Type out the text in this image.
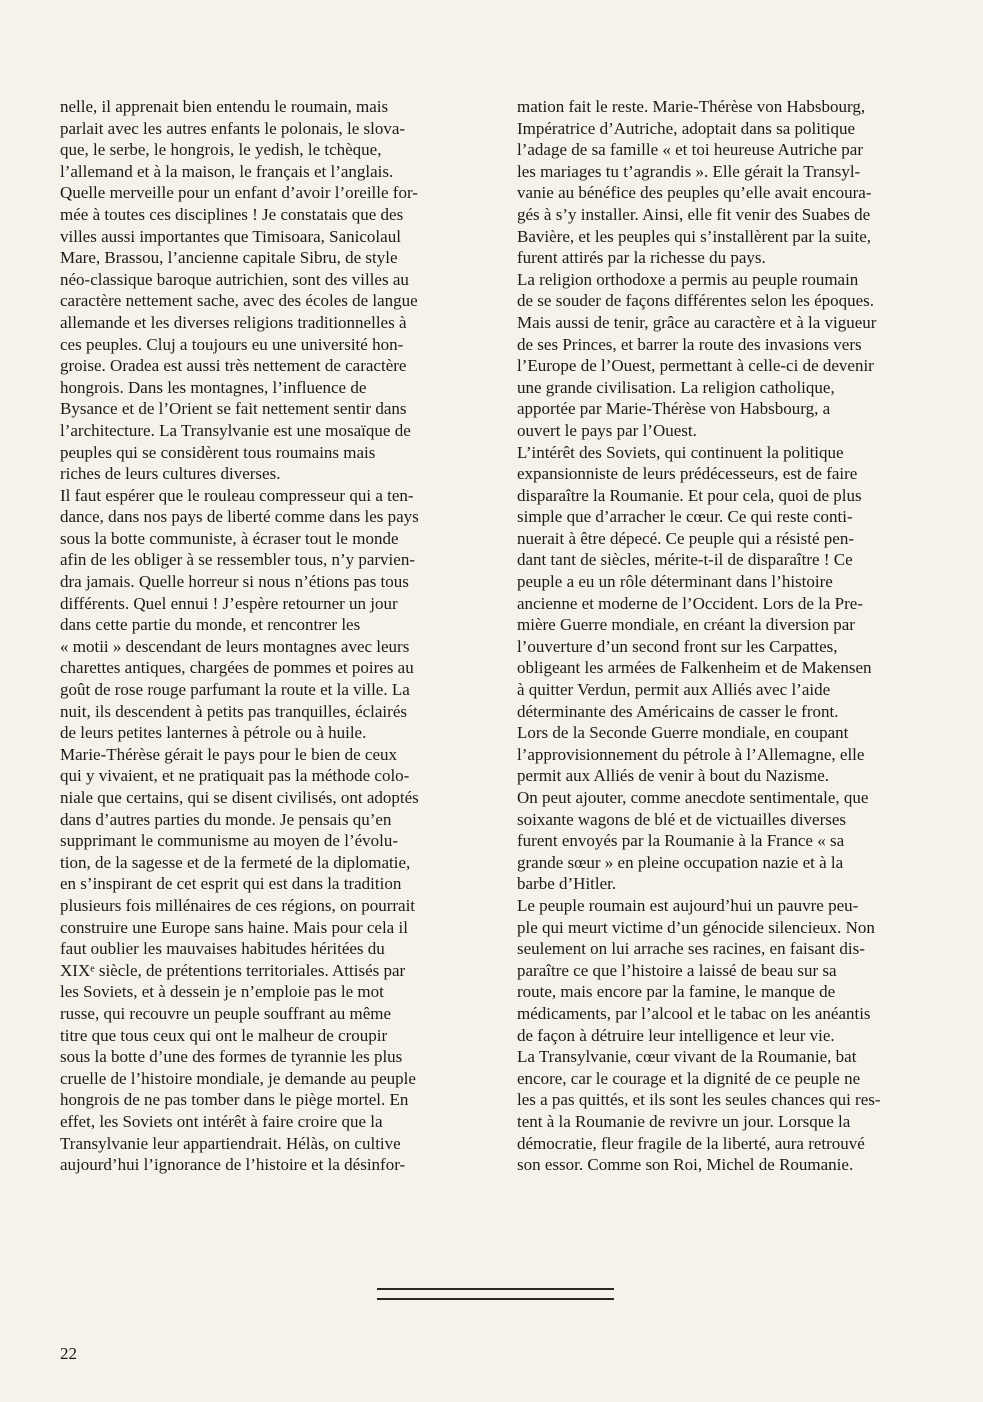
nelle, il apprenait bien entendu le roumain, mais
parlait avec les autres enfants le polonais, le slova-
que, le serbe, le hongrois, le yedish, le tchèque,
l’allemand et à la maison, le français et l’anglais.
Quelle merveille pour un enfant d’avoir l’oreille for-
mée à toutes ces disciplines ! Je constatais que des
villes aussi importantes que Timisoara, Sanicolaul
Mare, Brassou, l’ancienne capitale Sibru, de style
néo-classique baroque autrichien, sont des villes au
caractère nettement sache, avec des écoles de langue
allemande et les diverses religions traditionnelles à
ces peuples. Cluj a toujours eu une université hon-
groise. Oradea est aussi très nettement de caractère
hongrois. Dans les montagnes, l’influence de
Bysance et de l’Orient se fait nettement sentir dans
l’architecture. La Transylvanie est une mosaïque de
peuples qui se considèrent tous roumains mais
riches de leurs cultures diverses.

Il faut espérer que le rouleau compresseur qui a ten-
dance, dans nos pays de liberté comme dans les pays
sous la botte communiste, à écraser tout le monde
afin de les obliger à se ressembler tous, n’y parvien-
dra jamais. Quelle horreur si nous n’étions pas tous
différents. Quel ennui ! J’espère retourner un jour
dans cette partie du monde, et rencontrer les
« motii » descendant de leurs montagnes avec leurs
charettes antiques, chargées de pommes et poires au
goût de rose rouge parfumant la route et la ville. La
nuit, ils descendent à petits pas tranquilles, éclairés
de leurs petites lanternes à pétrole ou à huile.

Marie-Thérèse gérait le pays pour le bien de ceux
qui y vivaient, et ne pratiquait pas la méthode colo-
niale que certains, qui se disent civilisés, ont adoptés
dans d’autres parties du monde. Je pensais qu’en
supprimant le communisme au moyen de l’évolu-
tion, de la sagesse et de la fermeté de la diplomatie,
en s’inspirant de cet esprit qui est dans la tradition
plusieurs fois millénaires de ces régions, on pourrait
construire une Europe sans haine. Mais pour cela il
faut oublier les mauvaises habitudes héritées du
XIXᵉ siècle, de prétentions territoriales. Attisés par
les Soviets, et à dessein je n’emploie pas le mot
russe, qui recouvre un peuple souffrant au même
titre que tous ceux qui ont le malheur de croupir
sous la botte d’une des formes de tyrannie les plus
cruelle de l’histoire mondiale, je demande au peuple
hongrois de ne pas tomber dans le piège mortel. En
effet, les Soviets ont intérêt à faire croire que la
Transylvanie leur appartiendrait. Hélàs, on cultive
aujourd’hui l’ignorance de l’histoire et la désinfor-

mation fait le reste. Marie-Thérèse von Habsbourg,
Impératrice d’Autriche, adoptait dans sa politique
l’adage de sa famille « et toi heureuse Autriche par
les mariages tu t’agrandis ». Elle gérait la Transyl-
vanie au bénéfice des peuples qu’elle avait encoura-
gés à s’y installer. Ainsi, elle fit venir des Suabes de
Bavière, et les peuples qui s’installèrent par la suite,
furent attirés par la richesse du pays.

La religion orthodoxe a permis au peuple roumain
de se souder de façons différentes selon les époques.
Mais aussi de tenir, grâce au caractère et à la vigueur
de ses Princes, et barrer la route des invasions vers
l’Europe de l’Ouest, permettant à celle-ci de devenir
une grande civilisation. La religion catholique,
apportée par Marie-Thérèse von Habsbourg, a
ouvert le pays par l’Ouest.

L’intérêt des Soviets, qui continuent la politique
expansionniste de leurs prédécesseurs, est de faire
disparaître la Roumanie. Et pour cela, quoi de plus
simple que d’arracher le cœur. Ce qui reste conti-
nuerait à être dépecé. Ce peuple qui a résisté pen-
dant tant de siècles, mérite-t-il de disparaître ! Ce
peuple a eu un rôle déterminant dans l’histoire
ancienne et moderne de l’Occident. Lors de la Pre-
mière Guerre mondiale, en créant la diversion par
l’ouverture d’un second front sur les Carpattes,
obligeant les armées de Falkenheim et de Makensen
à quitter Verdun, permit aux Alliés avec l’aide
déterminante des Américains de casser le front.
Lors de la Seconde Guerre mondiale, en coupant
l’approvisionnement du pétrole à l’Allemagne, elle
permit aux Alliés de venir à bout du Nazisme.

On peut ajouter, comme anecdote sentimentale, que
soixante wagons de blé et de victuailles diverses
furent envoyés par la Roumanie à la France « sa
grande sœur » en pleine occupation nazie et à la
barbe d’Hitler.

Le peuple roumain est aujourd’hui un pauvre peu-
ple qui meurt victime d’un génocide silencieux. Non
seulement on lui arrache ses racines, en faisant dis-
paraître ce que l’histoire a laissé de beau sur sa
route, mais encore par la famine, le manque de
médicaments, par l’alcool et le tabac on les anéantis
de façon à détruire leur intelligence et leur vie.

La Transylvanie, cœur vivant de la Roumanie, bat
encore, car le courage et la dignité de ce peuple ne
les a pas quittés, et ils sont les seules chances qui res-
tent à la Roumanie de revivre un jour. Lorsque la
démocratie, fleur fragile de la liberté, aura retrouvé
son essor. Comme son Roi, Michel de Roumanie.

22
